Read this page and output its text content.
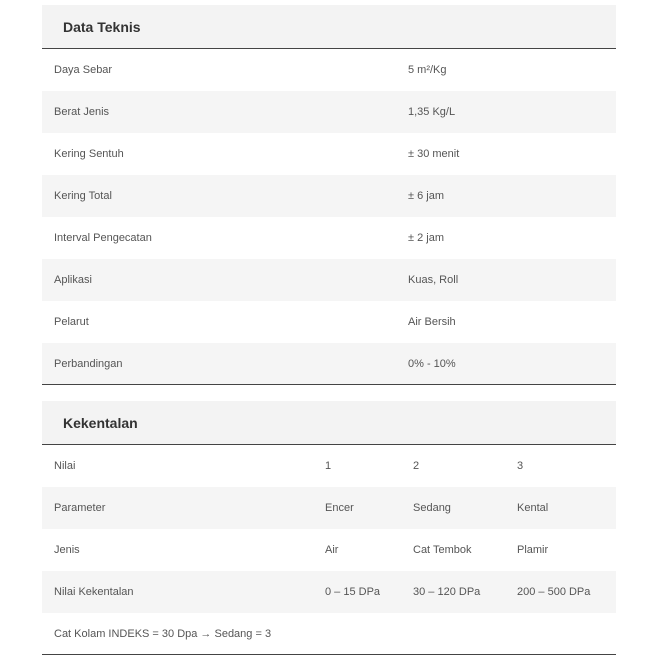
Data Teknis
Daya Sebar	5 m²/Kg
Berat Jenis	1,35 Kg/L
Kering Sentuh	± 30 menit
Kering Total	± 6 jam
Interval Pengecatan	± 2 jam
Aplikasi	Kuas, Roll
Pelarut	Air Bersih
Perbandingan	0% - 10%
Kekentalan
Nilai	1	2	3
Parameter	Encer	Sedang	Kental
Jenis	Air	Cat Tembok	Plamir
Nilai Kekentalan	0 – 15 DPa	30 – 120 DPa	200 – 500 DPa
Cat Kolam INDEKS = 30 Dpa → Sedang = 3
